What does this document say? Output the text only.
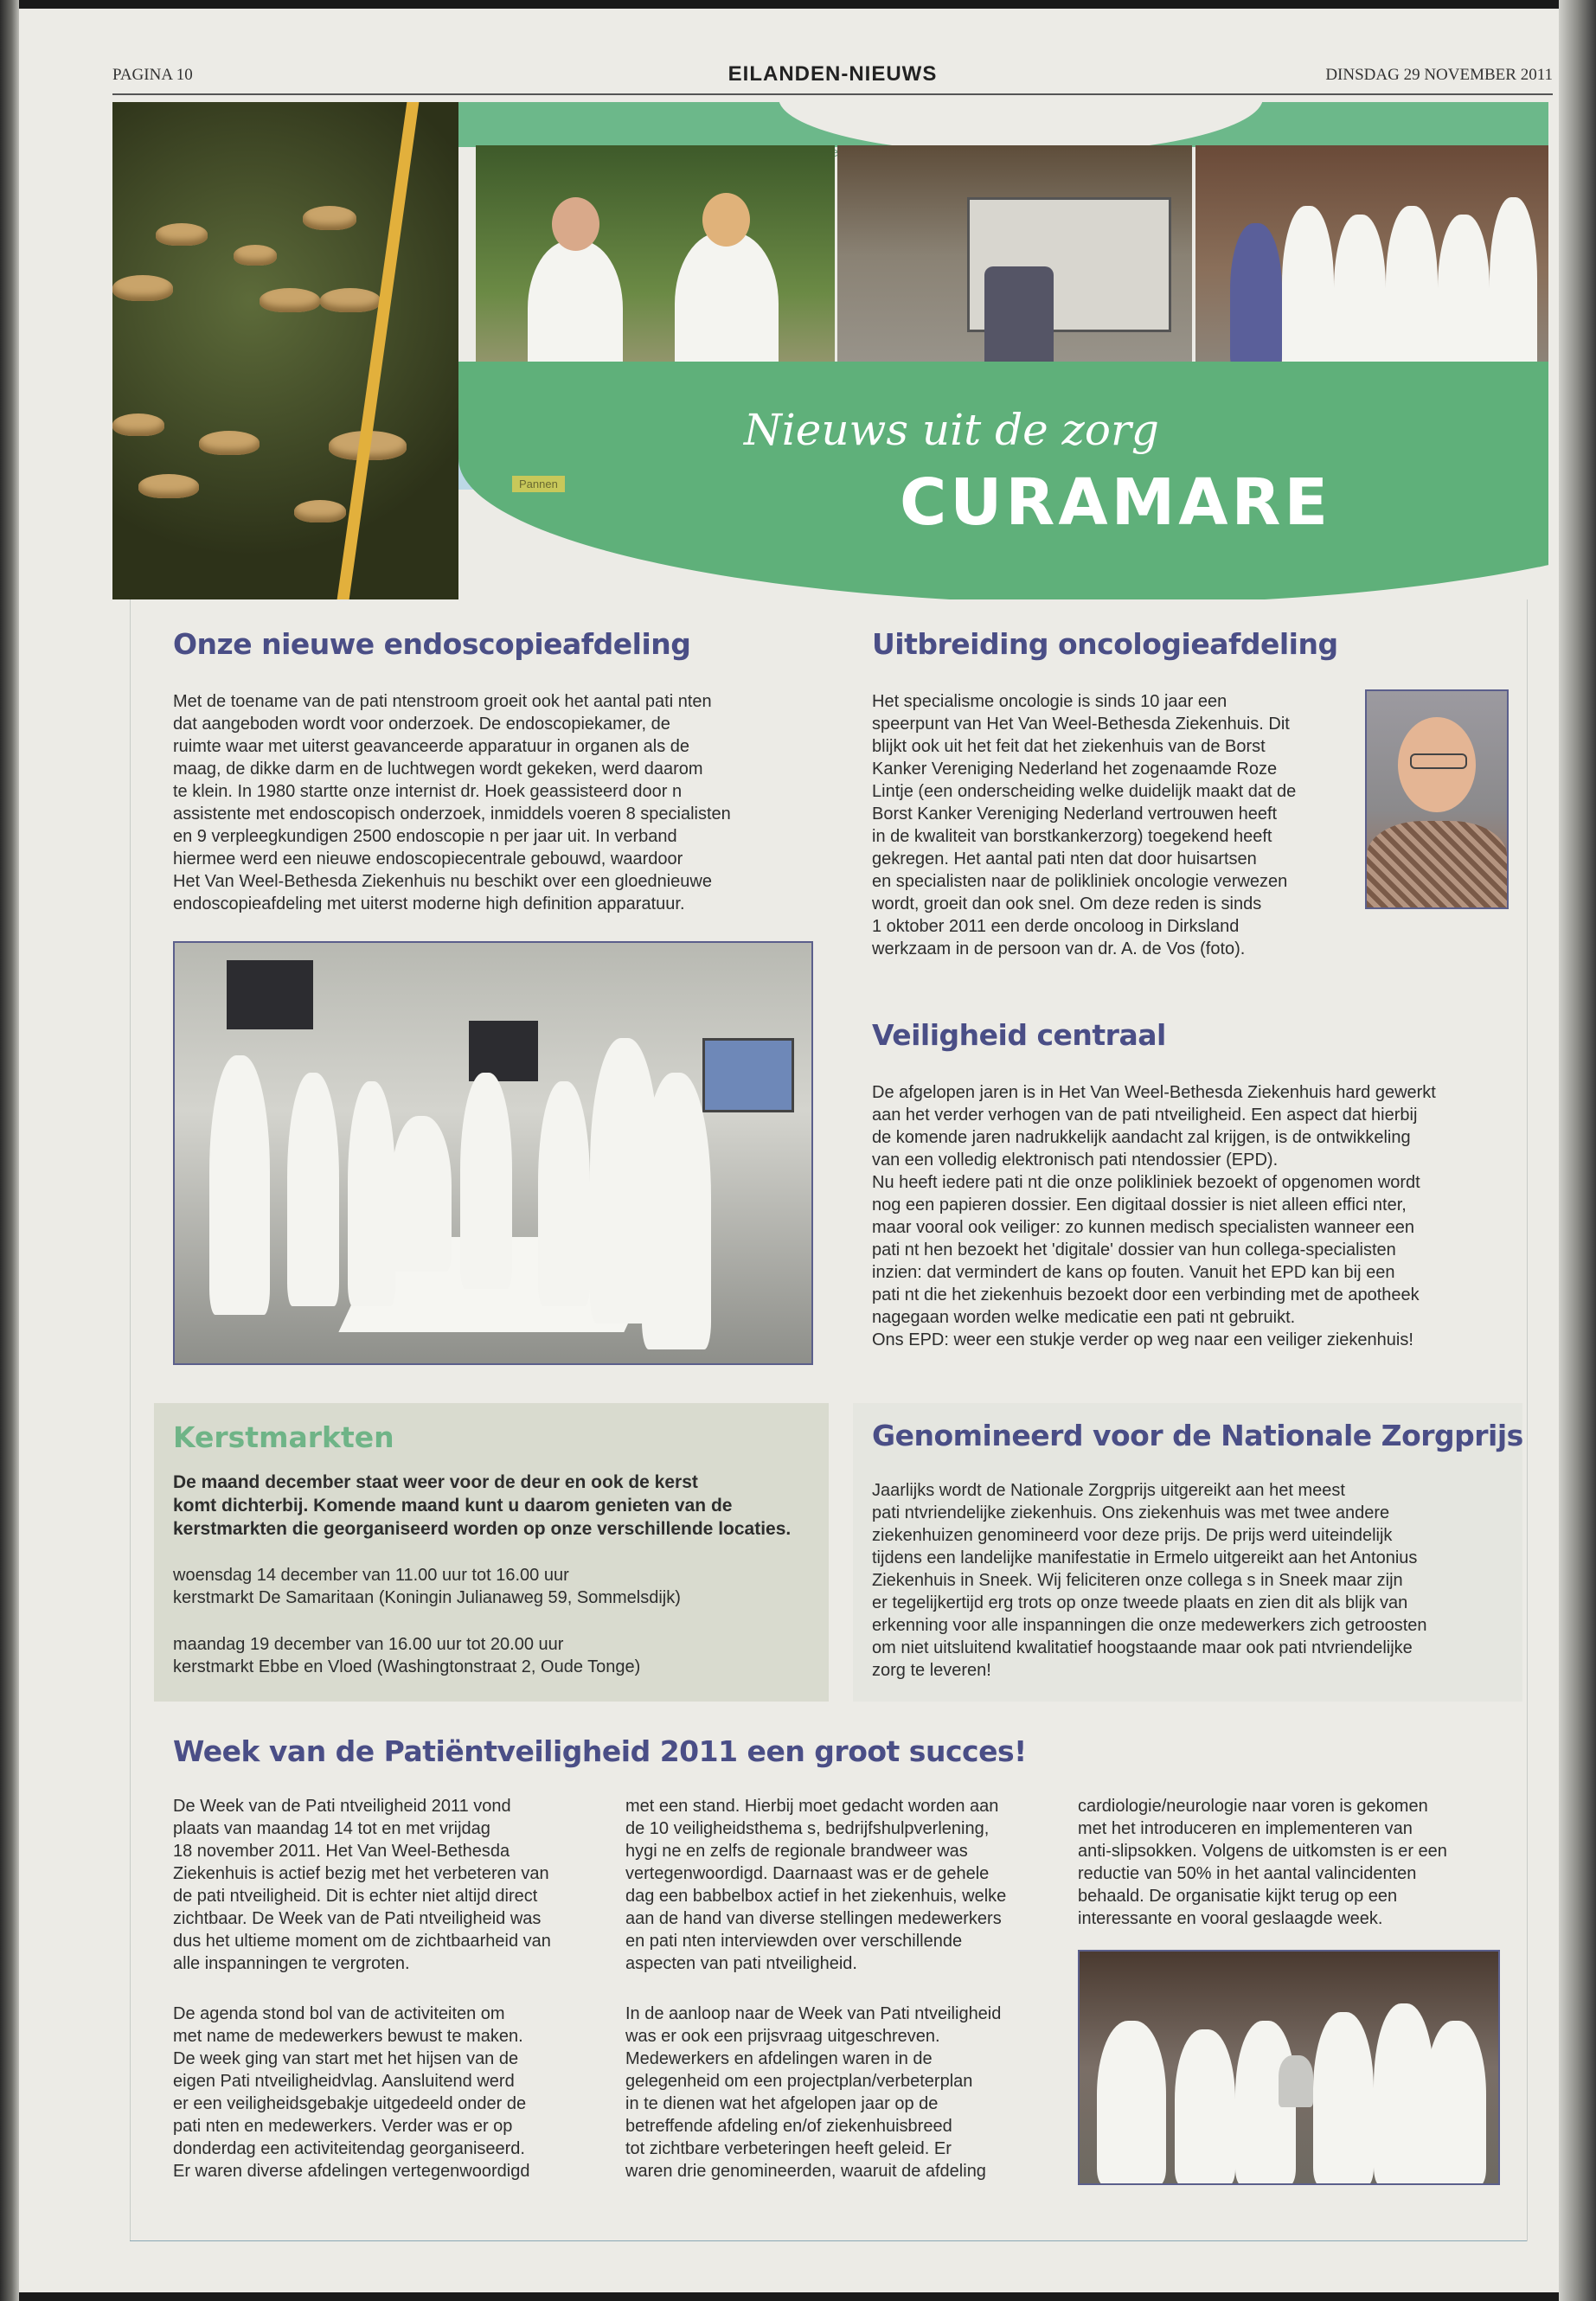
PAGINA 10	EILANDEN-NIEUWS	DINSDAG 29 NOVEMBER 2011
Pannen
Nieuws uit de zorg
CURAMARE
Onze nieuwe endoscopieafdeling
Met de toename van de pati ntenstroom groeit ook het aantal pati nten
dat aangeboden wordt voor onderzoek. De endoscopiekamer, de
ruimte waar met uiterst geavanceerde apparatuur in organen als de
maag, de dikke darm en de luchtwegen wordt gekeken, werd daarom
te klein. In 1980 startte onze internist dr. Hoek geassisteerd door n
assistente met endoscopisch onderzoek, inmiddels voeren 8 specialisten
en 9 verpleegkundigen 2500 endoscopie n per jaar uit. In verband
hiermee werd een nieuwe endoscopiecentrale gebouwd, waardoor
Het Van Weel-Bethesda Ziekenhuis nu beschikt over een gloednieuwe
endoscopieafdeling met uiterst moderne high definition apparatuur.
Uitbreiding oncologieafdeling
Het specialisme oncologie is sinds 10 jaar een
speerpunt van Het Van Weel-Bethesda Ziekenhuis. Dit
blijkt ook uit het feit dat het ziekenhuis van de Borst
Kanker Vereniging Nederland het zogenaamde Roze
Lintje (een onderscheiding welke duidelijk maakt dat de
Borst Kanker Vereniging Nederland vertrouwen heeft
in de kwaliteit van borstkankerzorg) toegekend heeft
gekregen. Het aantal pati nten dat door huisartsen
en specialisten naar de polikliniek oncologie verwezen
wordt, groeit dan ook snel. Om deze reden is sinds
1 oktober 2011 een derde oncoloog in Dirksland
werkzaam in de persoon van dr. A. de Vos (foto).
Veiligheid centraal
De afgelopen jaren is in Het Van Weel-Bethesda Ziekenhuis hard gewerkt
aan het verder verhogen van de pati ntveiligheid. Een aspect dat hierbij
de komende jaren nadrukkelijk aandacht zal krijgen, is de ontwikkeling
van een volledig elektronisch pati ntendossier (EPD).
Nu heeft iedere pati nt die onze polikliniek bezoekt of opgenomen wordt
nog een papieren dossier. Een digitaal dossier is niet alleen effici nter,
maar vooral ook veiliger: zo kunnen medisch specialisten wanneer een
pati nt hen bezoekt het 'digitale' dossier van hun collega-specialisten
inzien: dat vermindert de kans op fouten. Vanuit het EPD kan bij een
pati nt die het ziekenhuis bezoekt door een verbinding met de apotheek
nagegaan worden welke medicatie een pati nt gebruikt.
Ons EPD: weer een stukje verder op weg naar een veiliger ziekenhuis!
Kerstmarkten
De maand december staat weer voor de deur en ook de kerst
komt dichterbij. Komende maand kunt u daarom genieten van de
kerstmarkten die georganiseerd worden op onze verschillende locaties.
woensdag 14 december van 11.00 uur tot 16.00 uur
kerstmarkt De Samaritaan (Koningin Julianaweg 59, Sommelsdijk)
maandag 19 december van 16.00 uur tot 20.00 uur
kerstmarkt Ebbe en Vloed (Washingtonstraat 2, Oude Tonge)
Genomineerd voor de Nationale Zorgprijs
Jaarlijks wordt de Nationale Zorgprijs uitgereikt aan het meest
pati ntvriendelijke ziekenhuis. Ons ziekenhuis was met twee andere
ziekenhuizen genomineerd voor deze prijs. De prijs werd uiteindelijk
tijdens een landelijke manifestatie in Ermelo uitgereikt aan het Antonius
Ziekenhuis in Sneek. Wij feliciteren onze collega s in Sneek maar zijn
er tegelijkertijd erg trots op onze tweede plaats en zien dit als blijk van
erkenning voor alle inspanningen die onze medewerkers zich getroosten
om niet uitsluitend kwalitatief hoogstaande maar ook pati ntvriendelijke
zorg te leveren!
Week van de Patiëntveiligheid 2011 een groot succes!
De Week van de Pati ntveiligheid 2011 vond
plaats van maandag 14 tot en met vrijdag
18 november 2011. Het Van Weel-Bethesda
Ziekenhuis is actief bezig met het verbeteren van
de pati ntveiligheid. Dit is echter niet altijd direct
zichtbaar. De Week van de Pati ntveiligheid was
dus het ultieme moment om de zichtbaarheid van
alle inspanningen te vergroten.
De agenda stond bol van de activiteiten om
met name de medewerkers bewust te maken.
De week ging van start met het hijsen van de
eigen Pati ntveiligheidvlag. Aansluitend werd
er een veiligheidsgebakje uitgedeeld onder de
pati nten en medewerkers. Verder was er op
donderdag een activiteitendag georganiseerd.
Er waren diverse afdelingen vertegenwoordigd
met een stand. Hierbij moet gedacht worden aan
de 10 veiligheidsthema s, bedrijfshulpverlening,
hygi ne en zelfs de regionale brandweer was
vertegenwoordigd. Daarnaast was er de gehele
dag een babbelbox actief in het ziekenhuis, welke
aan de hand van diverse stellingen medewerkers
en pati nten interviewden over verschillende
aspecten van pati ntveiligheid.
In de aanloop naar de Week van Pati ntveiligheid
was er ook een prijsvraag uitgeschreven.
Medewerkers en afdelingen waren in de
gelegenheid om een projectplan/verbeterplan
in te dienen wat het afgelopen jaar op de
betreffende afdeling en/of ziekenhuisbreed
tot zichtbare verbeteringen heeft geleid. Er
waren drie genomineerden, waaruit de afdeling
cardiologie/neurologie naar voren is gekomen
met het introduceren en implementeren van
anti-slipsokken. Volgens de uitkomsten is er een
reductie van 50% in het aantal valincidenten
behaald. De organisatie kijkt terug op een
interessante en vooral geslaagde week.
